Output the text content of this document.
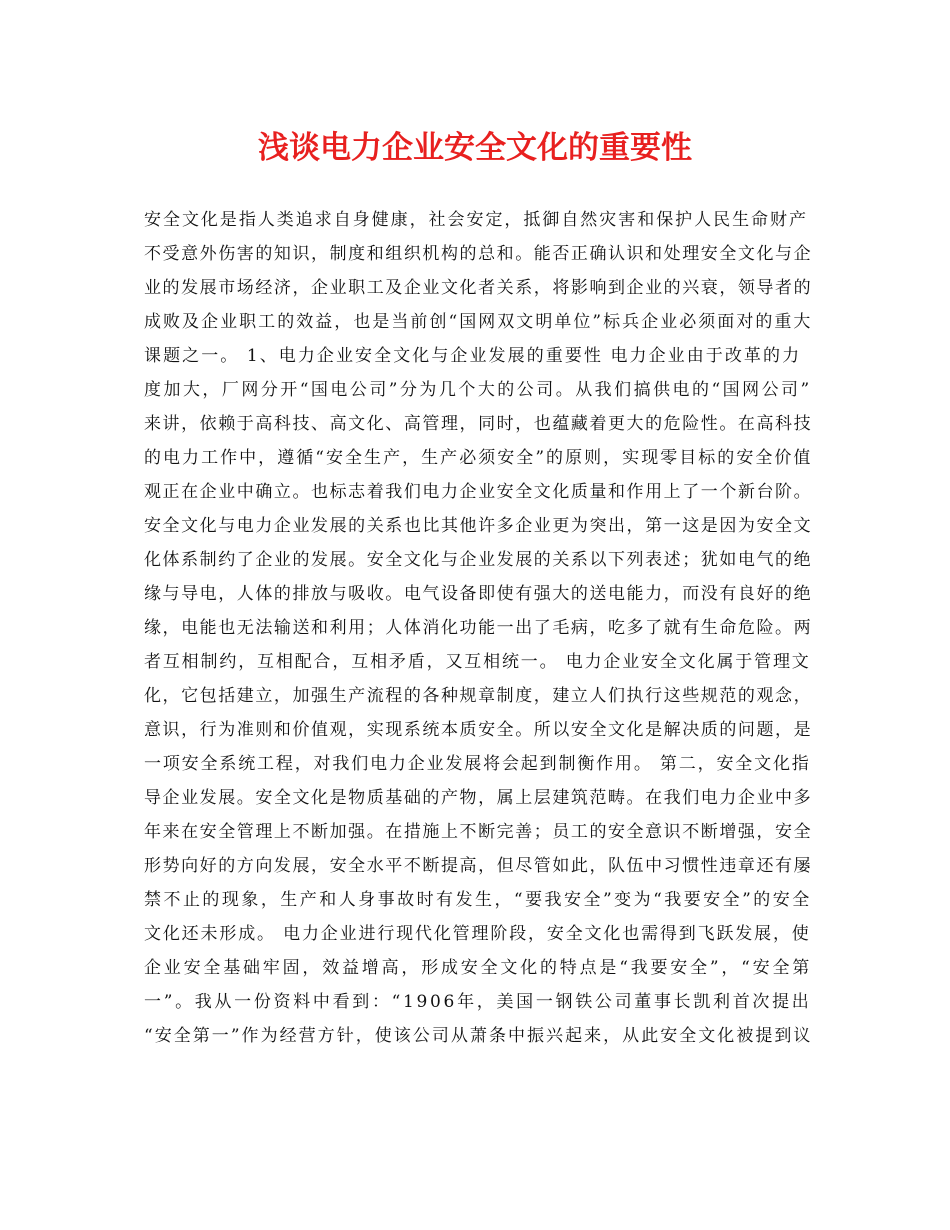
浅谈电力企业安全文化的重要性
安全文化是指人类追求自身健康，社会安定，抵御自然灾害和保护人民生命财产
不受意外伤害的知识，制度和组织机构的总和。能否正确认识和处理安全文化与企
业的发展市场经济，企业职工及企业文化者关系，将影响到企业的兴衰，领导者的
成败及企业职工的效益，也是当前创“国网双文明单位”标兵企业必须面对的重大
课题之一。 1、电力企业安全文化与企业发展的重要性 电力企业由于改革的力
度加大，厂网分开“国电公司”分为几个大的公司。从我们搞供电的“国网公司”
来讲，依赖于高科技、高文化、高管理，同时，也蕴藏着更大的危险性。在高科技
的电力工作中，遵循“安全生产，生产必须安全”的原则，实现零目标的安全价值
观正在企业中确立。也标志着我们电力企业安全文化质量和作用上了一个新台阶。
安全文化与电力企业发展的关系也比其他许多企业更为突出，第一这是因为安全文
化体系制约了企业的发展。安全文化与企业发展的关系以下列表述；犹如电气的绝
缘与导电，人体的排放与吸收。电气设备即使有强大的送电能力，而没有良好的绝
缘，电能也无法输送和利用；人体消化功能一出了毛病，吃多了就有生命危险。两
者互相制约，互相配合，互相矛盾，又互相统一。 电力企业安全文化属于管理文
化，它包括建立，加强生产流程的各种规章制度，建立人们执行这些规范的观念，
意识，行为准则和价值观，实现系统本质安全。所以安全文化是解决质的问题，是
一项安全系统工程，对我们电力企业发展将会起到制衡作用。 第二，安全文化指
导企业发展。安全文化是物质基础的产物，属上层建筑范畴。在我们电力企业中多
年来在安全管理上不断加强。在措施上不断完善；员工的安全意识不断增强，安全
形势向好的方向发展，安全水平不断提高，但尽管如此，队伍中习惯性违章还有屡
禁不止的现象，生产和人身事故时有发生，“要我安全”变为“我要安全”的安全
文化还未形成。 电力企业进行现代化管理阶段，安全文化也需得到飞跃发展，使
企业安全基础牢固，效益增高，形成安全文化的特点是“我要安全”，“安全第
一”。我从一份资料中看到：“1906年，美国一钢铁公司董事长凯利首次提出
“安全第一”作为经营方针，使该公司从萧条中振兴起来，从此安全文化被提到议
